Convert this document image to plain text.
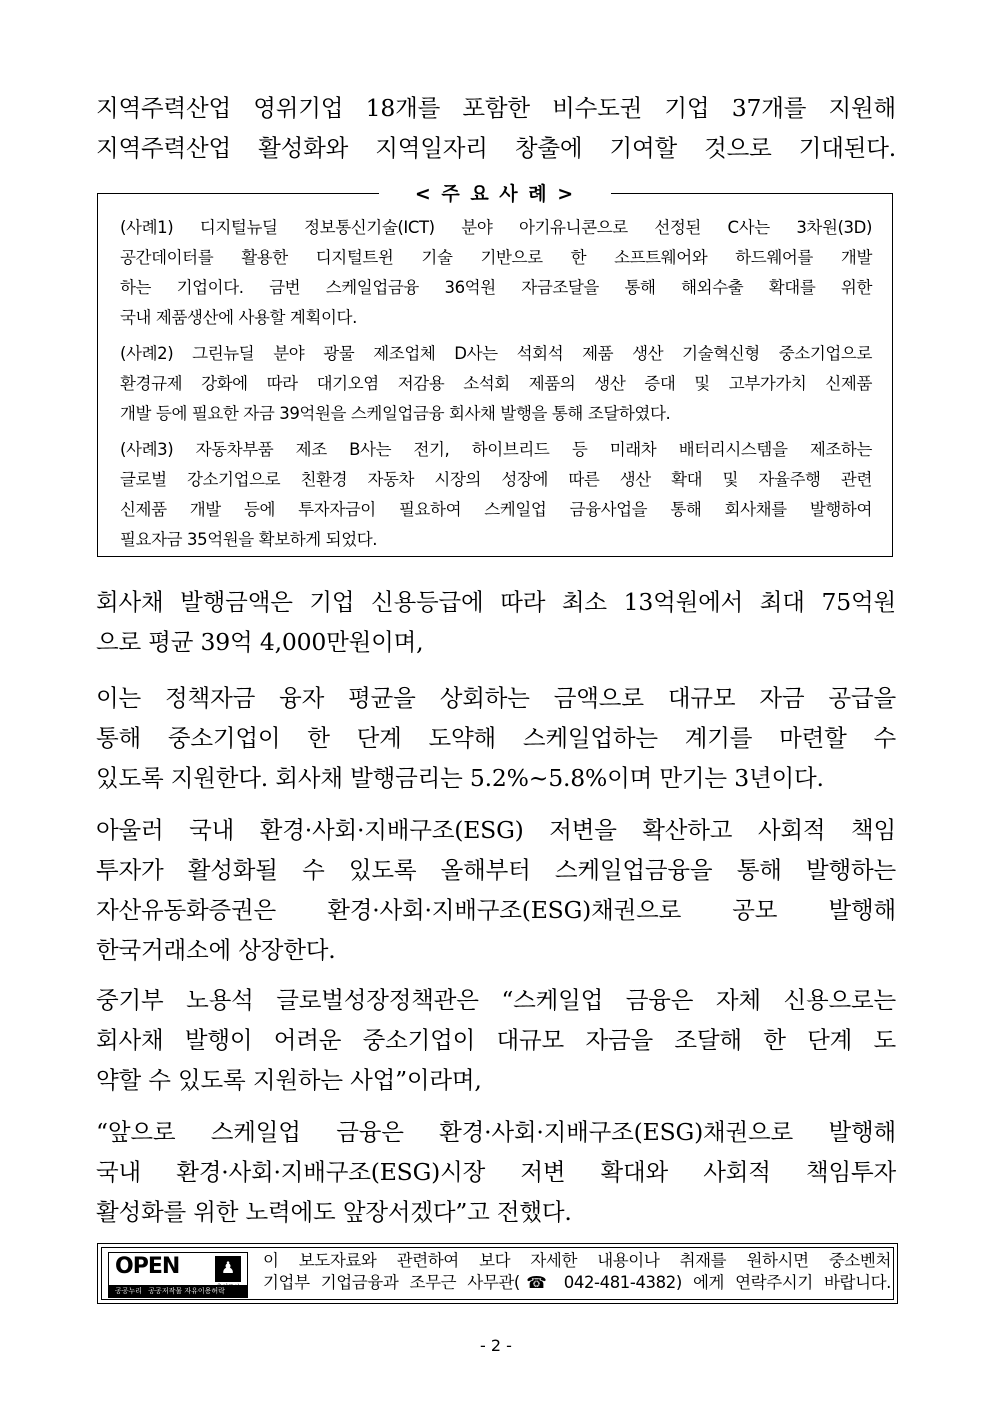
지역주력산업 영위기업 18개를 포함한 비수도권 기업 37개를 지원해
지역주력산업 활성화와 지역일자리 창출에 기여할 것으로 기대된다.
< 주 요 사 례 >
(사례1) 디지털뉴딜 정보통신기술(ICT) 분야 아기유니콘으로 선정된 C사는 3차원(3D)
공간데이터를 활용한 디지털트윈 기술 기반으로 한 소프트웨어와 하드웨어를 개발
하는 기업이다. 금번 스케일업금융 36억원 자금조달을 통해 해외수출 확대를 위한
국내 제품생산에 사용할 계획이다.
(사례2) 그린뉴딜 분야 광물 제조업체 D사는 석회석 제품 생산 기술혁신형 중소기업으로
환경규제 강화에 따라 대기오염 저감용 소석회 제품의 생산 증대 및 고부가가치 신제품
개발 등에 필요한 자금 39억원을 스케일업금융 회사채 발행을 통해 조달하였다.
(사례3) 자동차부품 제조 B사는 전기, 하이브리드 등 미래차 배터리시스템을 제조하는
글로벌 강소기업으로 친환경 자동차 시장의 성장에 따른 생산 확대 및 자율주행 관련
신제품 개발 등에 투자자금이 필요하여 스케일업 금융사업을 통해 회사채를 발행하여
필요자금 35억원을 확보하게 되었다.
회사채 발행금액은 기업 신용등급에 따라 최소 13억원에서 최대 75억원
으로 평균 39억 4,000만원이며,
이는 정책자금 융자 평균을 상회하는 금액으로 대규모 자금 공급을
통해 중소기업이 한 단계 도약해 스케일업하는 계기를 마련할 수
있도록 지원한다. 회사채 발행금리는 5.2%~5.8%이며 만기는 3년이다.
아울러 국내 환경·사회·지배구조(ESG) 저변을 확산하고 사회적 책임
투자가 활성화될 수 있도록 올해부터 스케일업금융을 통해 발행하는
자산유동화증권은 환경·사회·지배구조(ESG)채권으로 공모 발행해
한국거래소에 상장한다.
중기부 노용석 글로벌성장정책관은 “스케일업 금융은 자체 신용으로는
회사채 발행이 어려운 중소기업이 대규모 자금을 조달해 한 단계 도
약할 수 있도록 지원하는 사업”이라며,
“앞으로 스케일업 금융은 환경·사회·지배구조(ESG)채권으로 발행해
국내 환경·사회·지배구조(ESG)시장 저변 확대와 사회적 책임투자
활성화를 위한 노력에도 앞장서겠다”고 전했다.
OPEN	♟
공공누리 공공저작물 자유이용허락
이 보도자료와 관련하여 보다 자세한 내용이나 취재를 원하시면 중소벤처
기업부 기업금융과 조무근 사무관(☎ 042-481-4382) 에게 연락주시기 바랍니다.
- 2 -
